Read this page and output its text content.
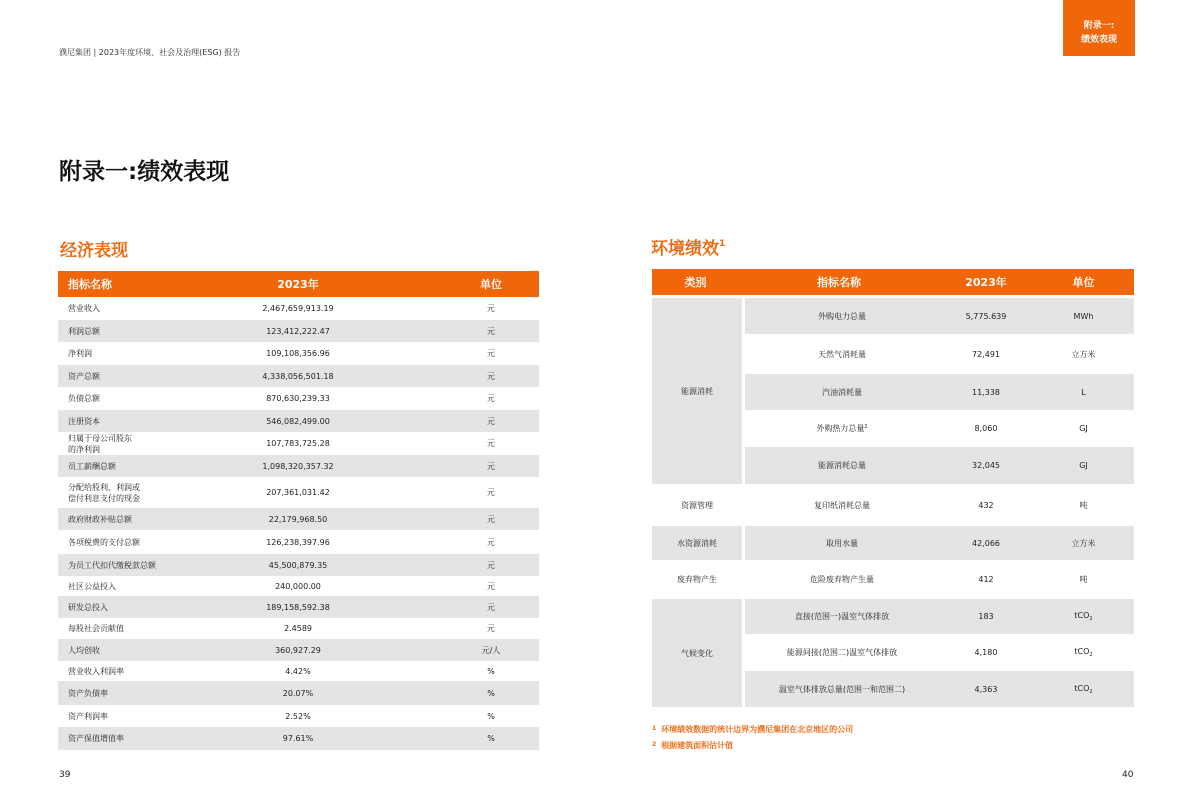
濮尼集团 | 2023年度环境、社会及治理(ESG) 报告
附录一:
绩效表现
附录一:绩效表现
经济表现	环境绩效$^1$
指标名称	2023年	单位
营业收入	2,467,659,913.19	元
利润总额	123,412,222.47	元
净利润	109,108,356.96	元
资产总额	4,338,056,501.18	元
负债总额	870,630,239.33	元
注册资本	546,082,499.00	元
归属于母公司股东
的净利润
107,783,725.28	元
员工薪酬总额	1,098,320,357.32	元
分配给股利、利润或
偿付利息支付的现金
207,361,031.42	元
政府财政补贴总额	22,179,968.50	元
各项税费的支付总额	126,238,397.96	元
为员工代扣代缴税款总额	45,500,879.35	元
社区公益投入	240,000.00	元
研发总投入	189,158,592.38	元
每股社会贡献值	2.4589	元
人均创收	360,927.29	元/人
营业收入利润率	4.42%	%
资产负债率	20.07%	%
资产利润率	2.52%	%
资产保值增值率	97.61%	%
类别	指标名称	2023年	单位
能源消耗
外购电力总量	5,775.639	MWh
天然气消耗量	72,491	立方米
汽油消耗量	11,338	L
外购热力总量$^2$	8,060	GJ
能源消耗总量	32,045	GJ
资源管理	复印纸消耗总量	432	吨
水资源消耗	取用水量	42,066	立方米
废弃物产生	危险废弃物产生量	412	吨
气候变化
直接(范围一)温室气体排放	183	tCO$_2$
能源间接(范围二)温室气体排放	4,180	tCO$_2$
温室气体排放总量(范围一和范围二)	4,363	tCO$_2$
$^1$ 环境绩效数据的统计边界为濮尼集团在北京地区的公司
$^2$ 根据建筑面积估计值
39	40
